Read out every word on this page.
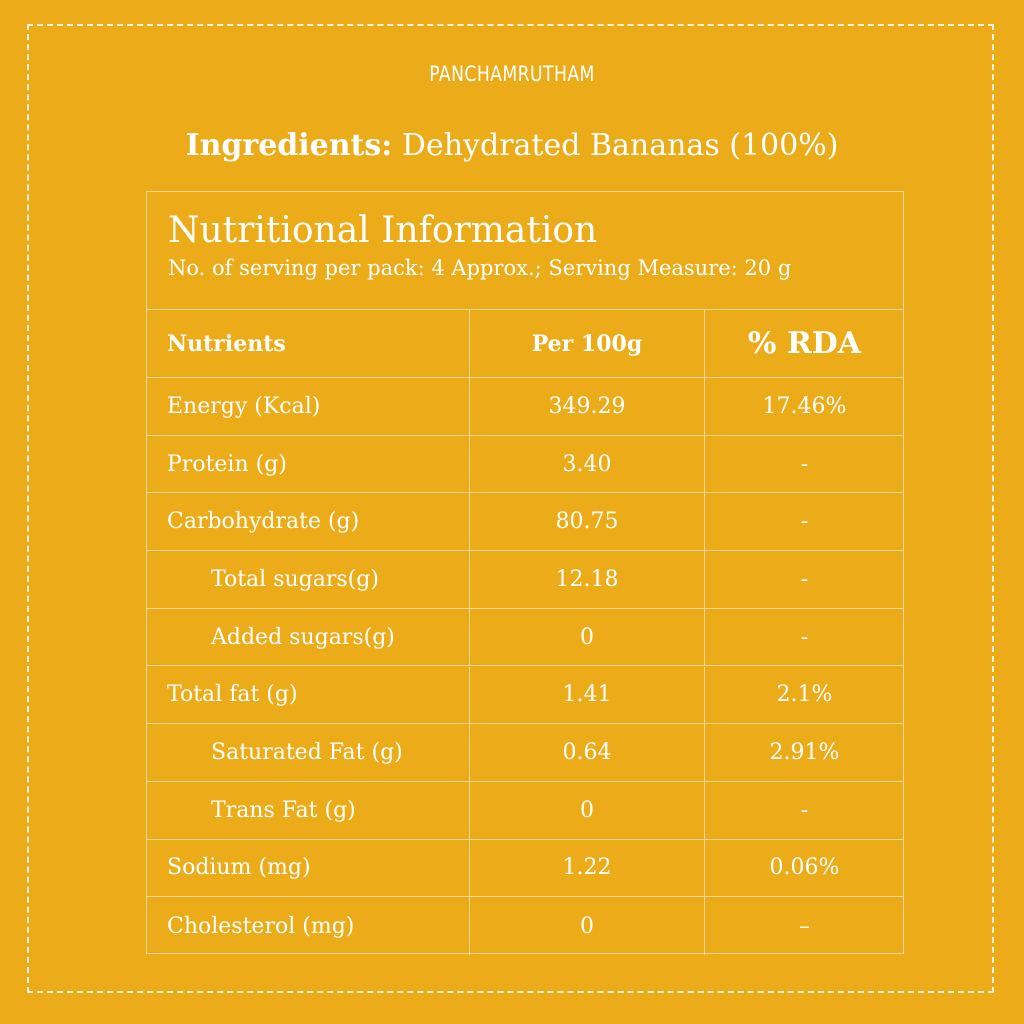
PANCHAMRUTHAM
Ingredients: Dehydrated Bananas (100%)
Nutritional Information
No. of serving per pack: 4 Approx.; Serving Measure: 20 g
Nutrients	Per 100g	% RDA
Energy (Kcal)	349.29	17.46%
Protein (g)	3.40	-
Carbohydrate (g)	80.75	-
Total sugars(g)	12.18	-
Added sugars(g)	0	-
Total fat (g)	1.41	2.1%
Saturated Fat (g)	0.64	2.91%
Trans Fat (g)	0	-
Sodium (mg)	1.22	0.06%
Cholesterol (mg)	0	–
